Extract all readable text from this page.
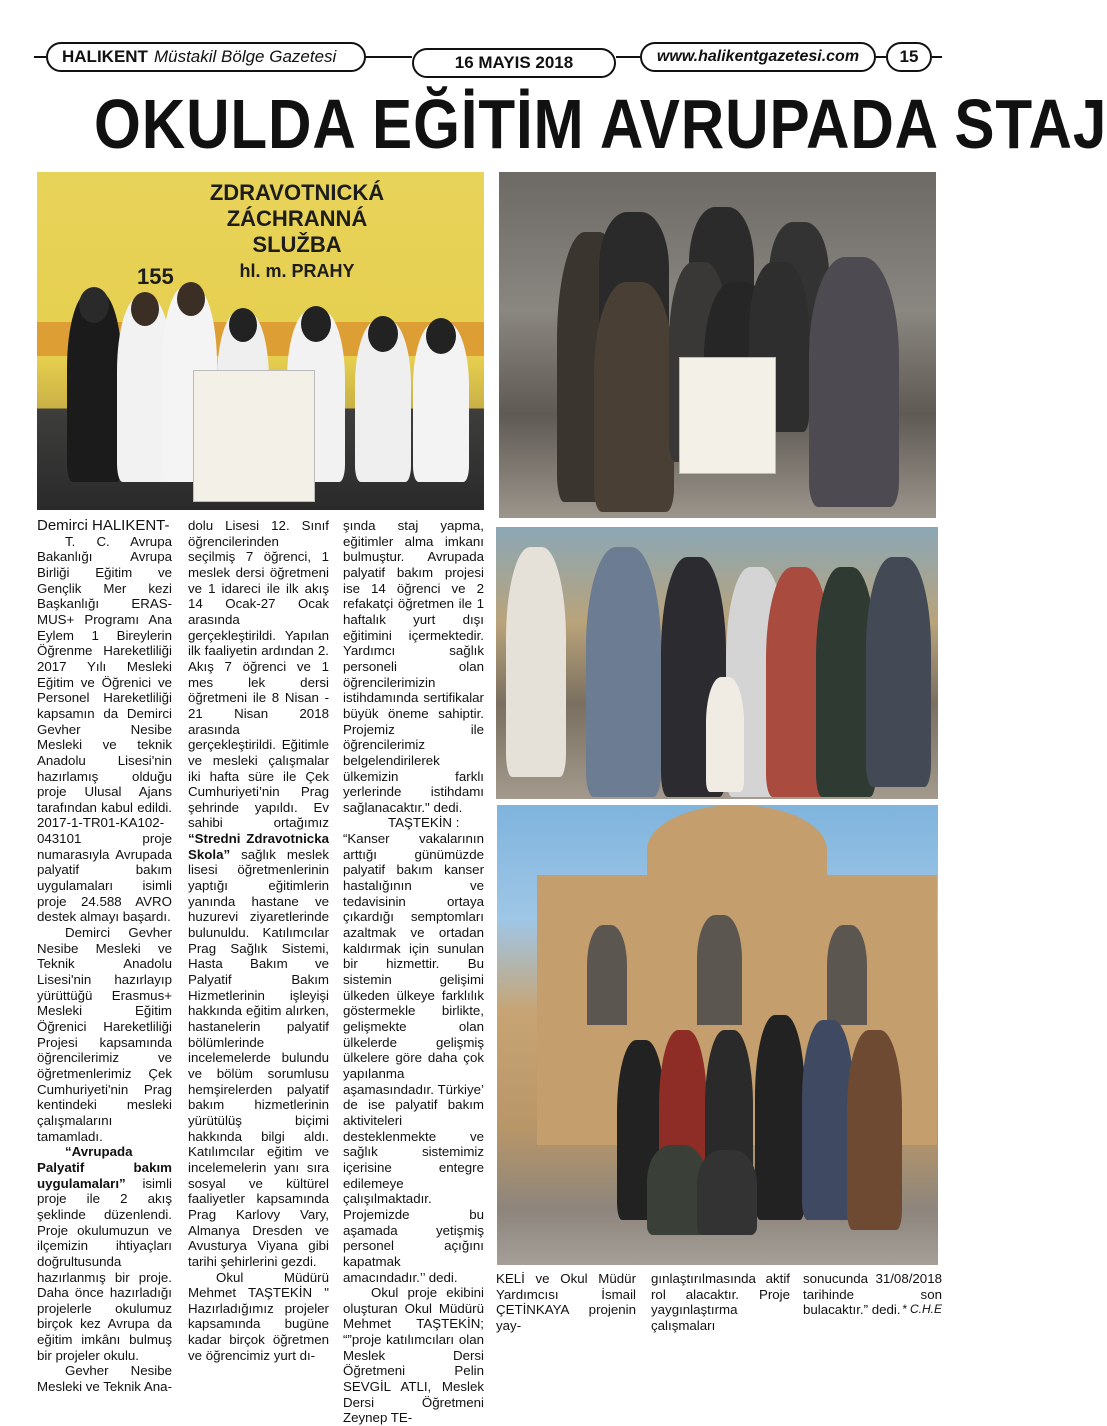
HALIKENT Müstakil Bölge Gazetesi	16 MAYIS 2018	www.halikentgazetesi.com	15
OKULDA EĞİTİM AVRUPADA STAJ
ZDRAVOTNICKÁ
ZÁCHRANNÁ
SLUŽBA
hl. m. PRAHY
155

Demirci HALIKENT-

T. C. Avrupa Bakanlığı Avrupa Birliği Eğitim ve Gençlik Mer kezi Başkanlığı ERAS-MUS+ Programı Ana Eylem 1 Bireylerin Öğrenme Hareketliliği 2017 Yılı Mesleki Eğitim ve Öğrenici ve Personel Hareketliliği kapsamın da Demirci Gevher Nesibe Mesleki ve teknik Anadolu Lisesi'nin hazırlamış olduğu proje Ulusal Ajans tarafından kabul edildi. 2017-1-TR01-KA102-043101 proje numarasıyla Avrupada palyatif bakım uygulamaları isimli proje 24.588 AVRO destek almayı başardı.

Demirci Gevher Nesibe Mesleki ve Teknik Anadolu Lisesi'nin hazırlayıp yürüttüğü Erasmus+ Mesleki Eğitim Öğrenici Hareketliliği Projesi kapsamında öğrencilerimiz ve öğretmenlerimiz Çek Cumhuriyeti'nin Prag kentindeki mesleki çalışmalarını tamamladı.

“Avrupada Palyatif bakım uygulamaları” isimli proje ile 2 akış şeklinde düzenlendi. Proje okulumuzun ve ilçemizin ihtiyaçları doğrultusunda hazırlanmış bir proje. Daha önce hazırladığı projelerle okulumuz birçok kez Avrupa da eğitim imkânı bulmuş bir projeler okulu.

Gevher Nesibe Mesleki ve Teknik Ana-

dolu Lisesi 12. Sınıf öğrencilerinden seçilmiş 7 öğrenci, 1 meslek dersi öğretmeni ve 1 idareci ile ilk akış 14 Ocak-27 Ocak arasında gerçekleştirildi. Yapılan ilk faaliyetin ardından 2. Akış 7 öğrenci ve 1 mes lek dersi öğretmeni ile 8 Nisan - 21 Nisan 2018 arasında gerçekleştirildi. Eğitimle ve mesleki çalışmalar iki hafta süre ile Çek Cumhuriyeti’nin Prag şehrinde yapıldı. Ev sahibi ortağımız “Stredni Zdravotnicka Skola” sağlık meslek lisesi öğretmenlerinin yaptığı eğitimlerin yanında hastane ve huzurevi ziyaretlerinde bulunuldu. Katılımcılar Prag Sağlık Sistemi, Hasta Bakım ve Palyatif Bakım Hizmetlerinin işleyişi hakkında eğitim alırken, hastanelerin palyatif bölümlerinde incelemelerde bulundu ve bölüm sorumlusu hemşirelerden palyatif bakım hizmetlerinin yürütülüş biçimi hakkında bilgi aldı. Katılımcılar eğitim ve incelemelerin yanı sıra sosyal ve kültürel faaliyetler kapsamında Prag Karlovy Vary, Almanya Dresden ve Avusturya Viyana gibi tarihi şehirlerini gezdi.

Okul Müdürü Mehmet TAŞTEKİN " Hazırladığımız projeler kapsamında bugüne kadar birçok öğretmen ve öğrencimiz yurt dı-

şında staj yapma, eğitimler alma imkanı bulmuştur. Avrupada palyatif bakım projesi ise 14 öğrenci ve 2 refakatçi öğretmen ile 1 haftalık yurt dışı eğitimini içermektedir. Yardımcı sağlık personeli olan öğrencilerimizin istihdamında sertifikalar büyük öneme sahiptir. Projemiz ile öğrencilerimiz belgelendirilerek ülkemizin farklı yerlerinde istihdamı sağlanacaktır." dedi.

TAŞTEKİN :

“Kanser vakalarının arttığı günümüzde palyatif bakım kanser hastalığının ve tedavisinin ortaya çıkardığı semptomları azaltmak ve ortadan kaldırmak için sunulan bir hizmettir. Bu sistemin gelişimi ülkeden ülkeye farklılık göstermekle birlikte, gelişmekte olan ülkelerde gelişmiş ülkelere göre daha çok yapılanma aşamasındadır. Türkiye’ de ise palyatif bakım aktiviteleri desteklenmekte ve sağlık sistemimiz içerisine entegre edilemeye çalışılmaktadır. Projemizde bu aşamada yetişmiş personel açığını kapatmak amacındadır.’’ dedi.

Okul proje ekibini oluşturan Okul Müdürü Mehmet TAŞTEKİN; “”proje katılımcıları olan Meslek Dersi Öğretmeni Pelin SEVGİL ATLI, Meslek Dersi Öğretmeni Zeynep TE-

KELİ ve Okul Müdür Yardımcısı İsmail ÇETİNKAYA projenin yay-
gınlaştırılmasında aktif rol alacaktır. Proje yaygınlaştırma çalışmaları
sonucunda 31/08/2018 tarihinde son bulacaktır.” dedi. * C.H.E
